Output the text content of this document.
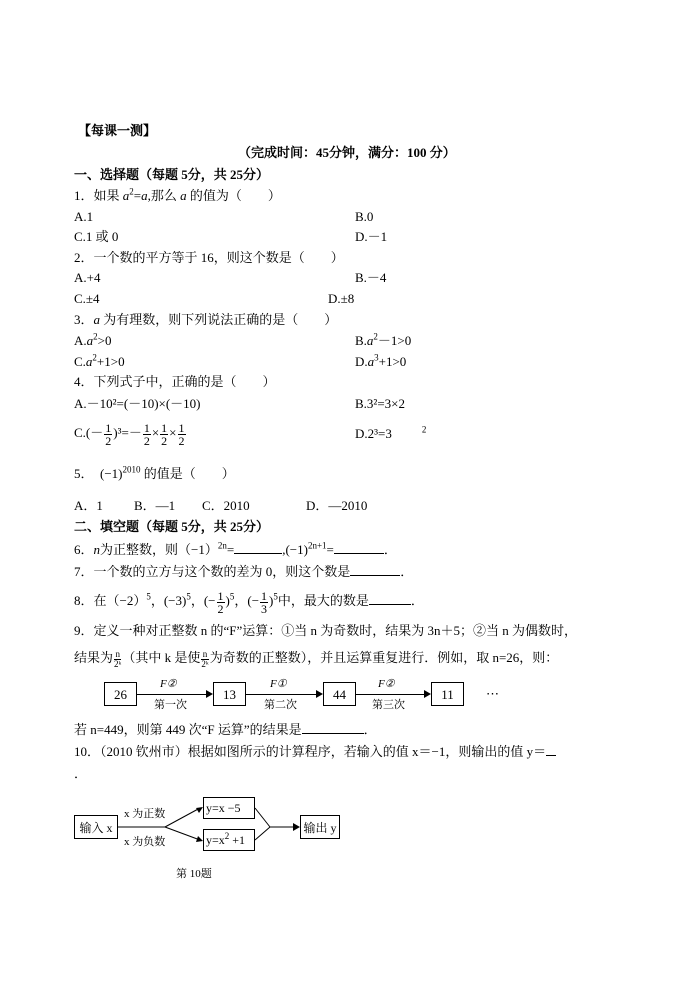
【每课一测】
（完成时间：45分钟，满分：100 分）
一、选择题（每题 5分，共 25分）
1．如果 $a^2=a$,那么 a 的值为（　　）
A.1	B.0
C.1 或 0	D.－1
2．一个数的平方等于 16，则这个数是（　　）
A.+4	B.－4
C.±4	D.±8
3．a 为有理数，则下列说法正确的是（　　）
$A.a^2>0$	$B.a^2-1>0$
$C.a^2+1>0$	$D.a^3+1>0$
4．下列式子中，正确的是（　　）
A.－10²=(－10)×(－10)	B.3²=3×2
$C.(- \frac{1}{2} )^3=- \frac{1}{2} \times \frac{1}{2} \times \frac{1}{2}$	D.2³=3	$^2$
5．　$(-1)^{2010}$ 的值是（　　）
A．1 B．—1 C．2010	D．—2010
二、填空题（每题 5分，共 25分）
6．n为正整数，则$(-1)^{2n}=$	$,(-1)^{2n+1}=$	．
7．一个数的立方与这个数的差为 0，则这个数是	．
8．在$(-2)^5$，$(-3)^5$，(− $\frac{1}{2} )^5$，(− $\frac{1}{3} )^5$中，最大的数是	．
9．定义一种对正整数 n 的“F”运算：①当 n 为奇数时，结果为 3n＋5；②当 n 为偶数时，
结果为 $\frac{n}{\text{2ᵏ}}$ （其中 k 是使 $\frac{n}{\text{2ᵏ}}$ 为奇数的正整数），并且运算重复进行．例如，取 n=26，则：
26	13	44	11
F②	F①	F②
第一次	第二次	第三次
⋯
若 n=449，则第 449 次“F 运算”的结果是	．
10．（2010 钦州市）根据如图所示的计算程序，若输入的值 x＝−1，则输出的值 y＝
．
输入 x
y=x −5
$y=x^2 +1$
输出 y
x 为正数
x 为负数
第 10题
